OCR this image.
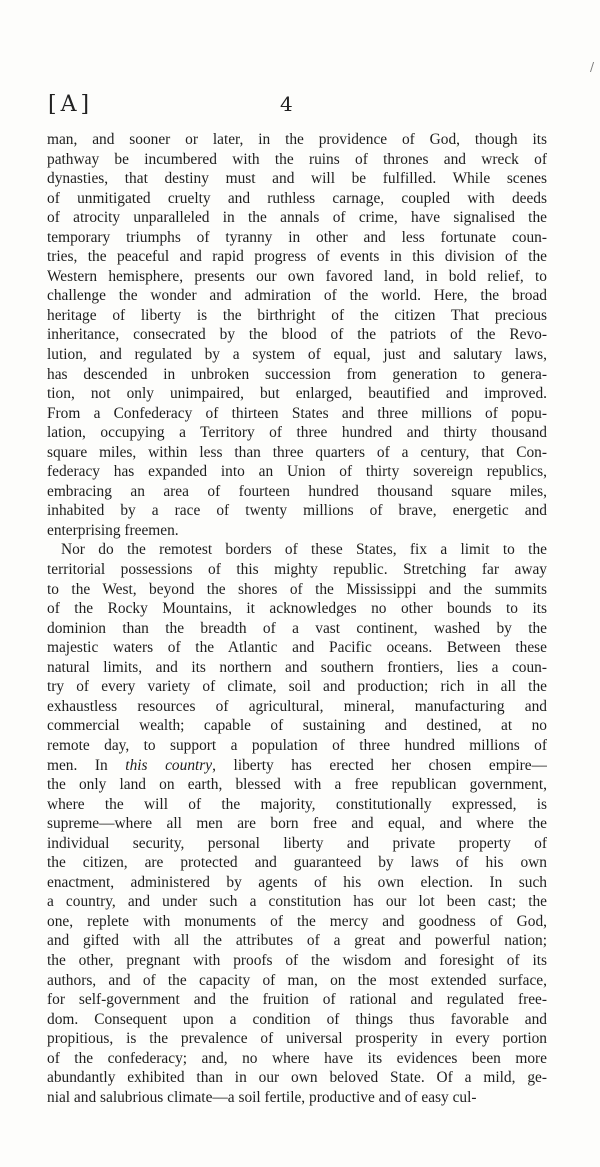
/
[A]	4
man, and sooner or later, in the providence of God, though its
pathway be incumbered with the ruins of thrones and wreck of
dynasties, that destiny must and will be fulfilled. While scenes
of unmitigated cruelty and ruthless carnage, coupled with deeds
of atrocity unparalleled in the annals of crime, have signalised the
temporary triumphs of tyranny in other and less fortunate coun-
tries, the peaceful and rapid progress of events in this division of the
Western hemisphere, presents our own favored land, in bold relief, to
challenge the wonder and admiration of the world. Here, the broad
heritage of liberty is the birthright of the citizen That precious
inheritance, consecrated by the blood of the patriots of the Revo-
lution, and regulated by a system of equal, just and salutary laws,
has descended in unbroken succession from generation to genera-
tion, not only unimpaired, but enlarged, beautified and improved.
From a Confederacy of thirteen States and three millions of popu-
lation, occupying a Territory of three hundred and thirty thousand
square miles, within less than three quarters of a century, that Con-
federacy has expanded into an Union of thirty sovereign republics,
embracing an area of fourteen hundred thousand square miles,
inhabited by a race of twenty millions of brave, energetic and
enterprising freemen.
Nor do the remotest borders of these States, fix a limit to the
territorial possessions of this mighty republic. Stretching far away
to the West, beyond the shores of the Mississippi and the summits
of the Rocky Mountains, it acknowledges no other bounds to its
dominion than the breadth of a vast continent, washed by the
majestic waters of the Atlantic and Pacific oceans. Between these
natural limits, and its northern and southern frontiers, lies a coun-
try of every variety of climate, soil and production; rich in all the
exhaustless resources of agricultural, mineral, manufacturing and
commercial wealth; capable of sustaining and destined, at no
remote day, to support a population of three hundred millions of
men. In this country, liberty has erected her chosen empire—
the only land on earth, blessed with a free republican government,
where the will of the majority, constitutionally expressed, is
supreme—where all men are born free and equal, and where the
individual security, personal liberty and private property of
the citizen, are protected and guaranteed by laws of his own
enactment, administered by agents of his own election. In such
a country, and under such a constitution has our lot been cast; the
one, replete with monuments of the mercy and goodness of God,
and gifted with all the attributes of a great and powerful nation;
the other, pregnant with proofs of the wisdom and foresight of its
authors, and of the capacity of man, on the most extended surface,
for self-government and the fruition of rational and regulated free-
dom. Consequent upon a condition of things thus favorable and
propitious, is the prevalence of universal prosperity in every portion
of the confederacy; and, no where have its evidences been more
abundantly exhibited than in our own beloved State. Of a mild, ge-
nial and salubrious climate—a soil fertile, productive and of easy cul-
